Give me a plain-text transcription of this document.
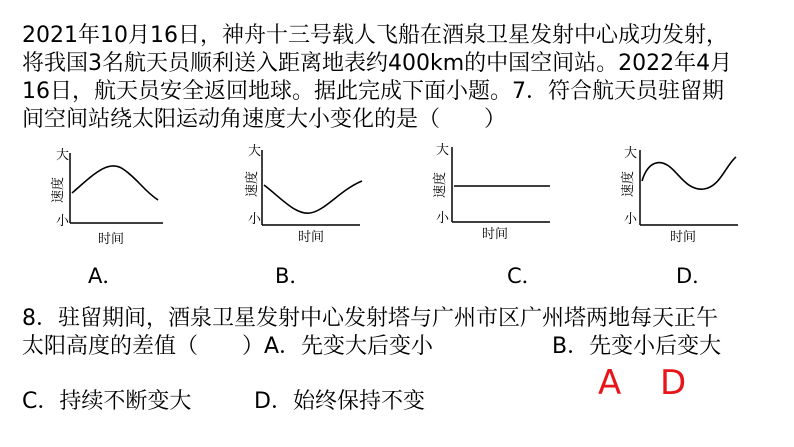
2021年10月16日，神舟十三号载人飞船在酒泉卫星发射中心成功发射，
将我国3名航天员顺利送入距离地表约400km的中国空间站。2022年4月
16日，航天员安全返回地球。据此完成下面小题。7．符合航天员驻留期
间空间站绕太阳运动角速度大小变化的是（　　）
大
小
速度
时间
大
小
速度
时间
大
小
速度
时间
大
小
速度
时间
A．	B．	C．	D．
8．驻留期间，酒泉卫星发射中心发射塔与广州市区广州塔两地每天正午
太阳高度的差值（　　）A．先变大后变小	B．先变小后变大
C．持续不断变大	D．始终保持不变	A D
